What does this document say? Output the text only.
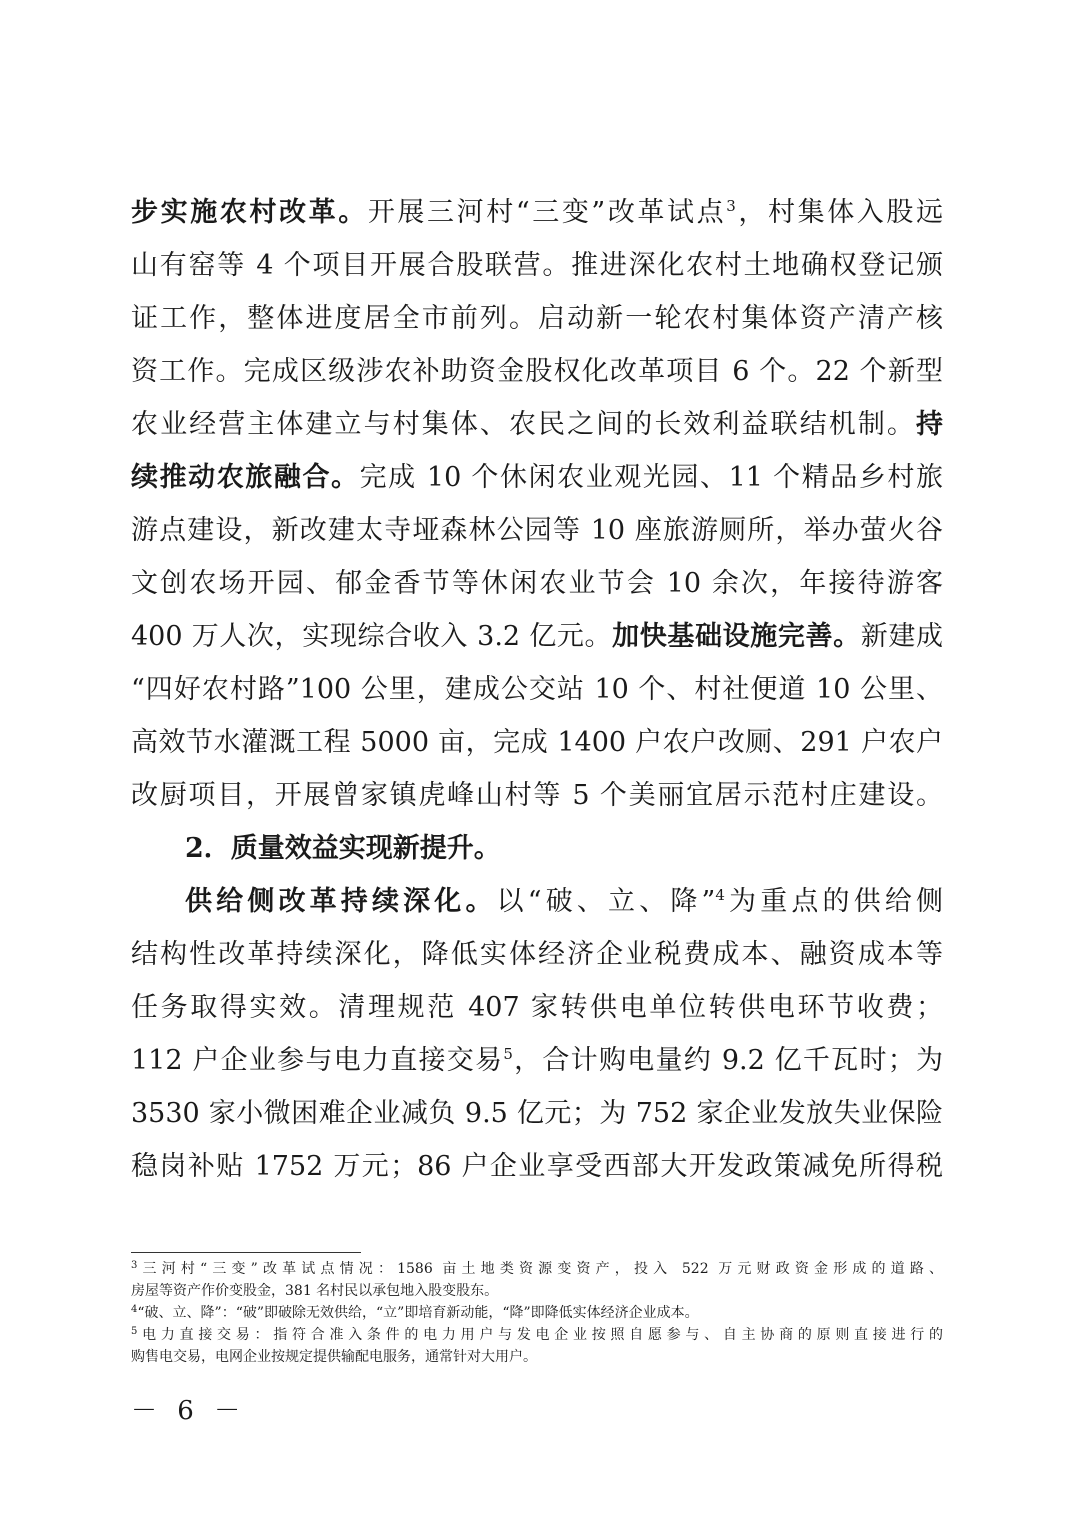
步实施农村改革。开展三河村“三变”改革试点$^3$，村集体入股远
山有窑等 4 个项目开展合股联营。推进深化农村土地确权登记颁
证工作，整体进度居全市前列。启动新一轮农村集体资产清产核
资工作。完成区级涉农补助资金股权化改革项目 6 个。22 个新型
农业经营主体建立与村集体、农民之间的长效利益联结机制。持
续推动农旅融合。完成 10 个休闲农业观光园、11 个精品乡村旅
游点建设，新改建太寺垭森林公园等 10 座旅游厕所，举办萤火谷
文创农场开园、郁金香节等休闲农业节会 10 余次，年接待游客
400 万人次，实现综合收入 3.2 亿元。加快基础设施完善。新建成
“四好农村路”100 公里，建成公交站 10 个、村社便道 10 公里、
高效节水灌溉工程 5000 亩，完成 1400 户农户改厕、291 户农户
改厨项目，开展曾家镇虎峰山村等 5 个美丽宜居示范村庄建设。
2．质量效益实现新提升。
供给侧改革持续深化。以“破、立、降”$^4$为重点的供给侧
结构性改革持续深化，降低实体经济企业税费成本、融资成本等
任务取得实效。清理规范 407 家转供电单位转供电环节收费；
112 户企业参与电力直接交易$^5$，合计购电量约 9.2 亿千瓦时；为
3530 家小微困难企业减负 9.5 亿元；为 752 家企业发放失业保险
稳岗补贴 1752 万元；86 户企业享受西部大开发政策减免所得税
$^3$三河村“三变”改革试点情况：1586 亩土地类资源变资产，投入 522 万元财政资金形成的道路、
房屋等资产作价变股金，381 名村民以承包地入股变股东。
$^4$“破、立、降”：“破”即破除无效供给，“立”即培育新动能，“降”即降低实体经济企业成本。
$^5$电力直接交易：指符合准入条件的电力用户与发电企业按照自愿参与、自主协商的原则直接进行的
购售电交易，电网企业按规定提供输配电服务，通常针对大用户。
－ 6 －
